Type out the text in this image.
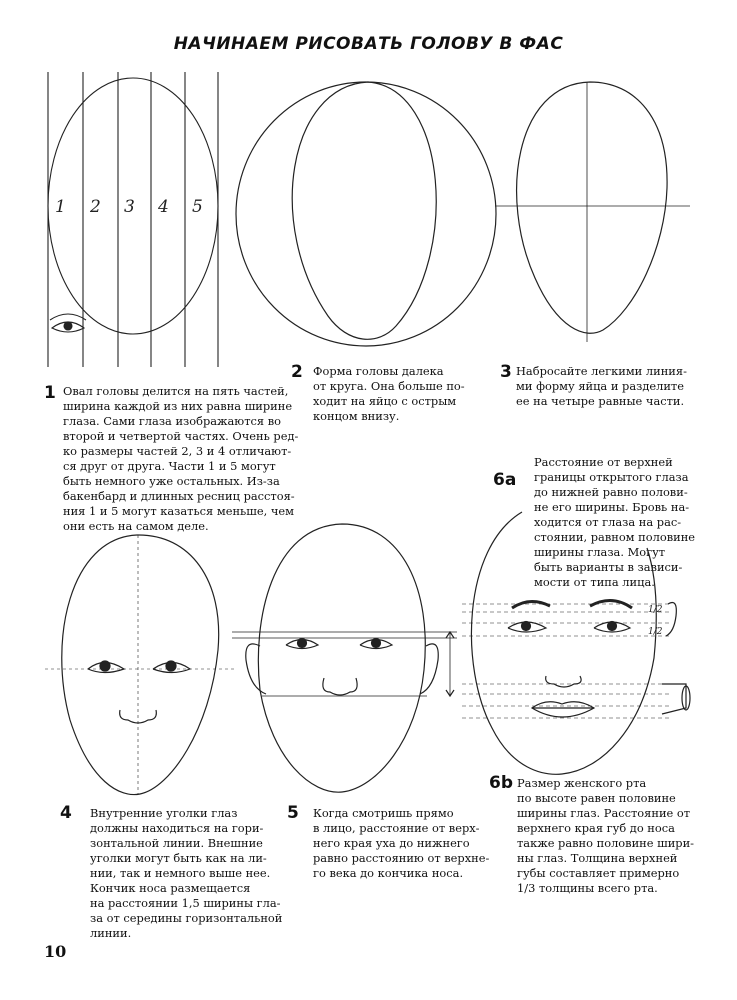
НАЧИНАЕМ РИСОВАТЬ ГОЛОВУ В ФАС
1 2 3 4 5
1 Овал головы делится на пять частей,
ширина каждой из них равна ширине
глаза. Сами глаза изображаются во
второй и четвертой частях. Очень ред-
ко размеры частей 2, 3 и 4 отличают-
ся друг от друга. Части 1 и 5 могут
быть немного уже остальных. Из-за
бакенбард и длинных ресниц расстоя-
ния 1 и 5 могут казаться меньше, чем
они есть на самом деле.
2 Форма головы далека
от круга. Она больше по-
ходит на яйцо с острым
концом внизу.
3 Набросайте легкими линия-
ми форму яйца и разделите
ее на четыре равные части.
6a
Расстояние от верхней
границы открытого глаза
до нижней равно полови-
не его ширины. Бровь на-
ходится от глаза на рас-
стоянии, равном половине
ширины глаза. Могут
быть варианты в зависи-
мости от типа лица.
1/2
1/2
4 Внутренние уголки глаз
должны находиться на гори-
зонтальной линии. Внешние
уголки могут быть как на ли-
нии, так и немного выше нее.
Кончик носа размещается
на расстоянии 1,5 ширины гла-
за от середины горизонтальной
линии.
5 Когда смотришь прямо
в лицо, расстояние от верх-
него края уха до нижнего
равно расстоянию от верхне-
го века до кончика носа.
6b Размер женского рта
по высоте равен половине
ширины глаз. Расстояние от
верхнего края губ до носа
также равно половине шири-
ны глаз. Толщина верхней
губы составляет примерно
1/3 толщины всего рта.
10
